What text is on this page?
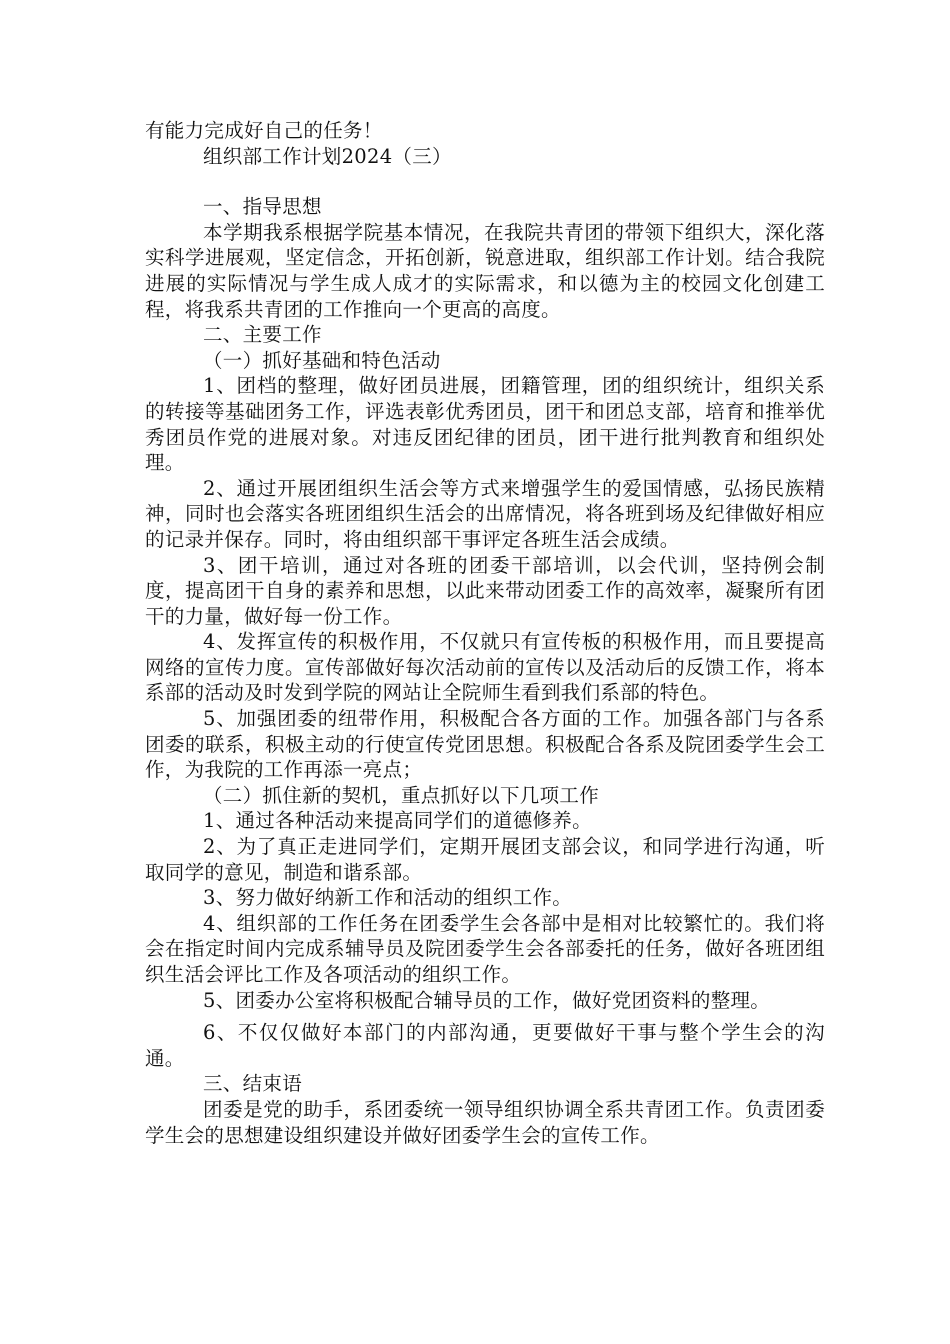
有能力完成好自己的任务！

组织部工作计划2024（三）

一、指导思想

本学期我系根据学院基本情况，在我院共青团的带领下组织大，深化落实科学进展观，坚定信念，开拓创新，锐意进取，组织部工作计划。结合我院进展的实际情况与学生成人成才的实际需求，和以德为主的校园文化创建工程，将我系共青团的工作推向一个更高的高度。

二、主要工作

（一）抓好基础和特色活动

1、团档的整理，做好团员进展，团籍管理，团的组织统计，组织关系的转接等基础团务工作，评选表彰优秀团员，团干和团总支部，培育和推举优秀团员作党的进展对象。对违反团纪律的团员，团干进行批判教育和组织处理。

2、通过开展团组织生活会等方式来增强学生的爱国情感，弘扬民族精神，同时也会落实各班团组织生活会的出席情况，将各班到场及纪律做好相应的记录并保存。同时，将由组织部干事评定各班生活会成绩。

3、团干培训，通过对各班的团委干部培训，以会代训，坚持例会制度，提高团干自身的素养和思想，以此来带动团委工作的高效率，凝聚所有团干的力量，做好每一份工作。

4、发挥宣传的积极作用，不仅就只有宣传板的积极作用，而且要提高网络的宣传力度。宣传部做好每次活动前的宣传以及活动后的反馈工作，将本系部的活动及时发到学院的网站让全院师生看到我们系部的特色。

5、加强团委的纽带作用，积极配合各方面的工作。加强各部门与各系团委的联系，积极主动的行使宣传党团思想。积极配合各系及院团委学生会工作，为我院的工作再添一亮点；

（二）抓住新的契机，重点抓好以下几项工作

1、通过各种活动来提高同学们的道德修养。

2、为了真正走进同学们，定期开展团支部会议，和同学进行沟通，听取同学的意见，制造和谐系部。

3、努力做好纳新工作和活动的组织工作。

4、组织部的工作任务在团委学生会各部中是相对比较繁忙的。我们将会在指定时间内完成系辅导员及院团委学生会各部委托的任务，做好各班团组织生活会评比工作及各项活动的组织工作。

5、团委办公室将积极配合辅导员的工作，做好党团资料的整理。

6、不仅仅做好本部门的内部沟通，更要做好干事与整个学生会的沟通。

三、结束语

团委是党的助手，系团委统一领导组织协调全系共青团工作。负责团委学生会的思想建设组织建设并做好团委学生会的宣传工作。
